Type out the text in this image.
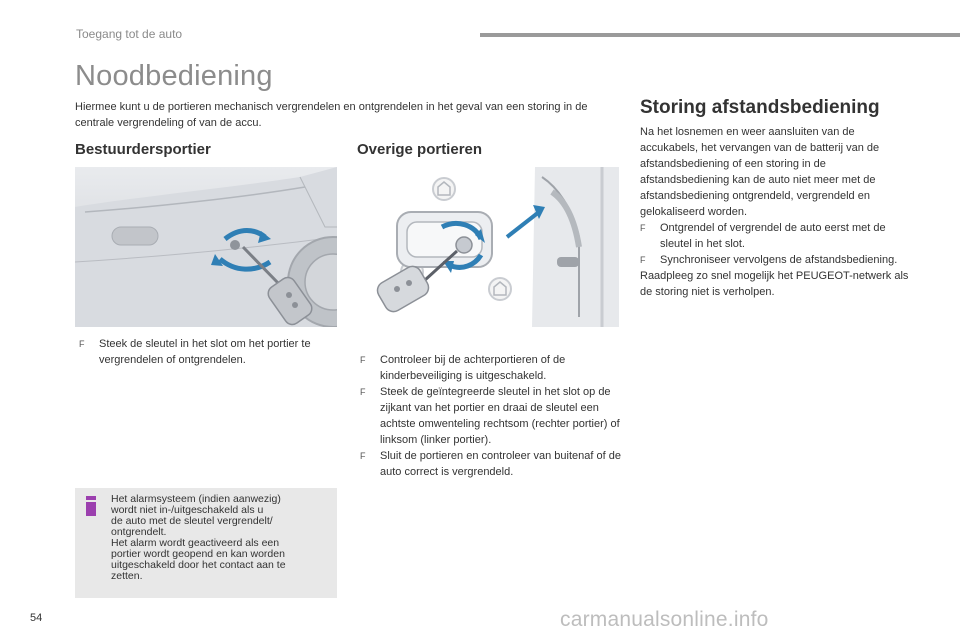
Toegang tot de auto
Noodbediening
Hiermee kunt u de portieren mechanisch vergrendelen en ontgrendelen in het geval van een storing in de centrale vergrendeling of van de accu.
Bestuurdersportier	Overige portieren
Storing afstandsbediening

F	Steek de sleutel in het slot om het portier te vergrendelen of ontgrendelen.	F	Controleer bij de achterportieren of de kinderbeveiliging is uitgeschakeld.

F	Steek de geïntegreerde sleutel in het slot op de zijkant van het portier en draai de sleutel een achtste omwenteling rechtsom (rechter portier) of linksom (linker portier).

F	Sluit de portieren en controleer van buitenaf of de auto correct is vergrendeld.

Na het losnemen en weer aansluiten van de accukabels, het vervangen van de batterij van de afstandsbediening of een storing in de afstandsbediening kan de auto niet meer met de afstandsbediening ontgrendeld, vergrendeld en gelokaliseerd worden.

F	Ontgrendel of vergrendel de auto eerst met de sleutel in het slot.

F	Synchroniseer vervolgens de afstandsbediening.

Raadpleeg zo snel mogelijk het PEUGEOT-netwerk als de storing niet is verholpen.

Het alarmsysteem (indien aanwezig)
wordt niet in-/uitgeschakeld als u
de auto met de sleutel vergrendelt/
ontgrendelt.
Het alarm wordt geactiveerd als een
portier wordt geopend en kan worden
uitgeschakeld door het contact aan te
zetten.
54	carmanualsonline.info
